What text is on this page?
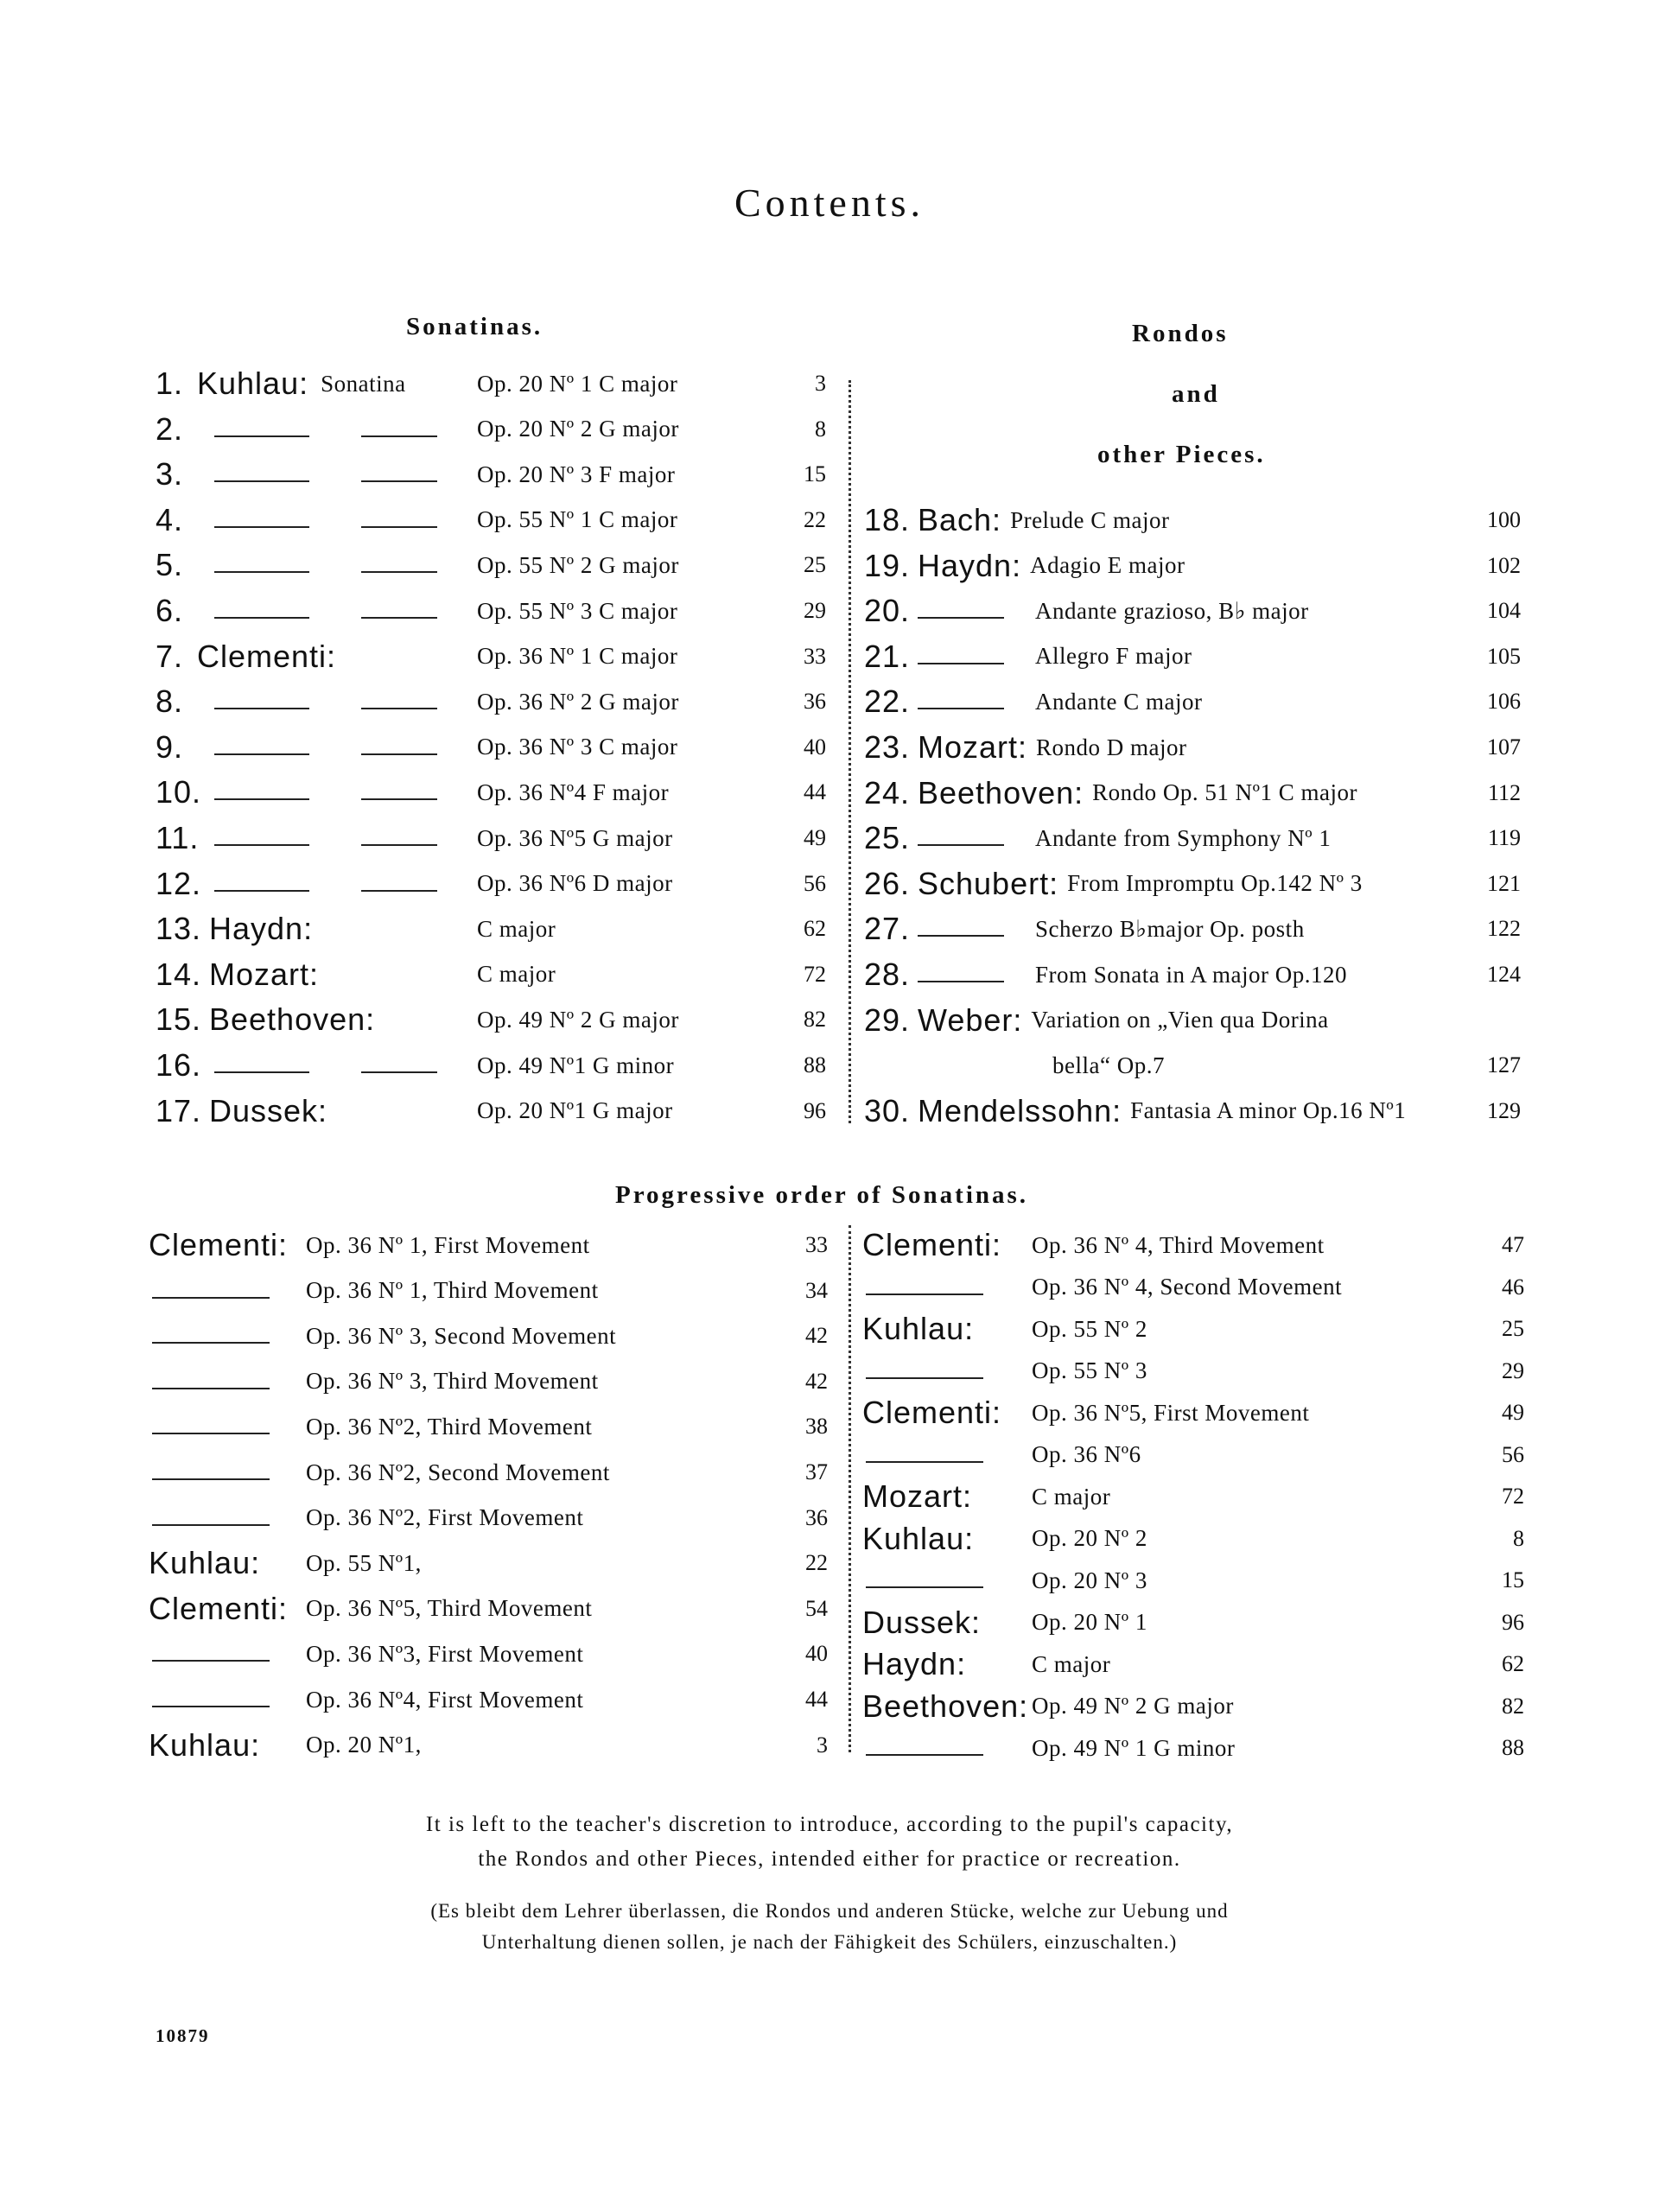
Contents.
Sonatinas.	Rondos
and
other Pieces.
Progressive order of Sonatinas.
It is left to the teacher's discretion to introduce, according to the pupil's capacity,
the Rondos and other Pieces, intended either for practice or recreation.
(Es bleibt dem Lehrer überlassen, die Rondos und anderen Stücke, welche zur Uebung und
Unterhaltung dienen sollen, je nach der Fähigkeit des Schülers, einzuschalten.)
10879
1. Kuhlau: Sonatina	Op. 20 Nº 1 C major	3
2.	Op. 20 Nº 2 G major	8
3.	Op. 20 Nº 3 F major	15
4.	Op. 55 Nº 1 C major	22
5.	Op. 55 Nº 2 G major	25
6.	Op. 55 Nº 3 C major	29
7. Clementi:	Op. 36 Nº 1 C major	33
8.	Op. 36 Nº 2 G major	36
9.	Op. 36 Nº 3 C major	40
10.	Op. 36 Nº4 F major	44
11.	Op. 36 Nº5 G major	49
12.	Op. 36 Nº6 D major	56
13. Haydn:	C major	62
14. Mozart:	C major	72
15. Beethoven:	Op. 49 Nº 2 G major	82
16.	Op. 49 Nº1 G minor	88
17. Dussek:	Op. 20 Nº1 G major	96
18. Bach: Prelude C major	100
19. Haydn: Adagio E major	102
20.	Andante grazioso, B♭ major	104
21.	Allegro F major	105
22.	Andante C major	106
23. Mozart: Rondo D major	107
24. Beethoven: Rondo Op. 51 Nº1 C major	112
25.	Andante from Symphony Nº 1	119
26. Schubert: From Impromptu Op.142 Nº 3	121
27.	Scherzo B♭major Op. posth	122
28.	From Sonata in A major Op.120	124
29. Weber: Variation on „Vien qua Dorina
bella“ Op.7	127
30. Mendelssohn: Fantasia A minor Op.16 Nº1	129
Clementi: Op. 36 Nº 1, First Movement	33
Op. 36 Nº 1, Third Movement	34
Op. 36 Nº 3, Second Movement	42
Op. 36 Nº 3, Third Movement	42
Op. 36 Nº2, Third Movement	38
Op. 36 Nº2, Second Movement	37
Op. 36 Nº2, First Movement	36
Kuhlau: Op. 55 Nº1,	22
Clementi: Op. 36 Nº5, Third Movement	54
Op. 36 Nº3, First Movement	40
Op. 36 Nº4, First Movement	44
Kuhlau: Op. 20 Nº1,	3
Clementi: Op. 36 Nº 4, Third Movement	47
Op. 36 Nº 4, Second Movement	46
Kuhlau: Op. 55 Nº 2	25
Op. 55 Nº 3	29
Clementi: Op. 36 Nº5, First Movement	49
Op. 36 Nº6	56
Mozart:	C major	72
Kuhlau: Op. 20 Nº 2	8
Op. 20 Nº 3	15
Dussek: Op. 20 Nº 1	96
Haydn:	C major	62
Beethoven: Op. 49 Nº 2 G major	82
Op. 49 Nº 1 G minor	88
